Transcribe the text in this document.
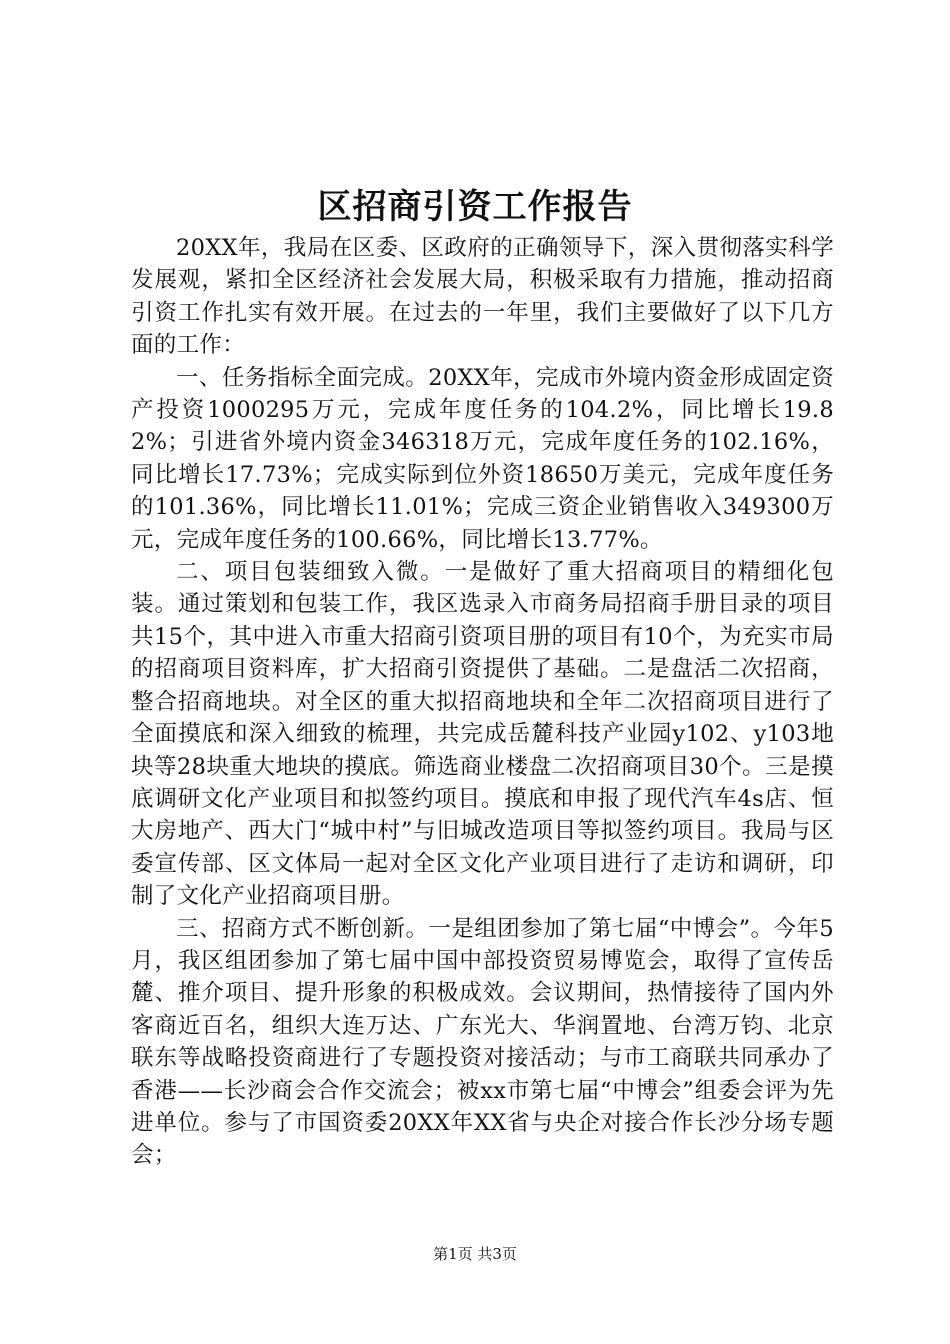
区招商引资工作报告

20XX年，我局在区委、区政府的正确领导下，深入贯彻落实科学发展观，紧扣全区经济社会发展大局，积极采取有力措施，推动招商引资工作扎实有效开展。在过去的一年里，我们主要做好了以下几方面的工作：

一、任务指标全面完成。20XX年，完成市外境内资金形成固定资产投资1000295万元，完成年度任务的104.2%，同比增长19.82%；引进省外境内资金346318万元，完成年度任务的102.16%，同比增长17.73%；完成实际到位外资18650万美元，完成年度任务的101.36%，同比增长11.01%；完成三资企业销售收入349300万元，完成年度任务的100.66%，同比增长13.77%。

二、项目包装细致入微。一是做好了重大招商项目的精细化包装。通过策划和包装工作，我区选录入市商务局招商手册目录的项目共15个，其中进入市重大招商引资项目册的项目有10个，为充实市局的招商项目资料库，扩大招商引资提供了基础。二是盘活二次招商，整合招商地块。对全区的重大拟招商地块和全年二次招商项目进行了全面摸底和深入细致的梳理，共完成岳麓科技产业园y102、y103地块等28块重大地块的摸底。筛选商业楼盘二次招商项目30个。三是摸底调研文化产业项目和拟签约项目。摸底和申报了现代汽车4s店、恒大房地产、西大门“城中村”与旧城改造项目等拟签约项目。我局与区委宣传部、区文体局一起对全区文化产业项目进行了走访和调研，印制了文化产业招商项目册。

三、招商方式不断创新。一是组团参加了第七届“中博会”。今年5月，我区组团参加了第七届中国中部投资贸易博览会，取得了宣传岳麓、推介项目、提升形象的积极成效。会议期间，热情接待了国内外客商近百名，组织大连万达、广东光大、华润置地、台湾万钧、北京联东等战略投资商进行了专题投资对接活动；与市工商联共同承办了香港——长沙商会合作交流会；被xx市第七届“中博会”组委会评为先进单位。参与了市国资委20XX年XX省与央企对接合作长沙分场专题会；

第1页 共3页
